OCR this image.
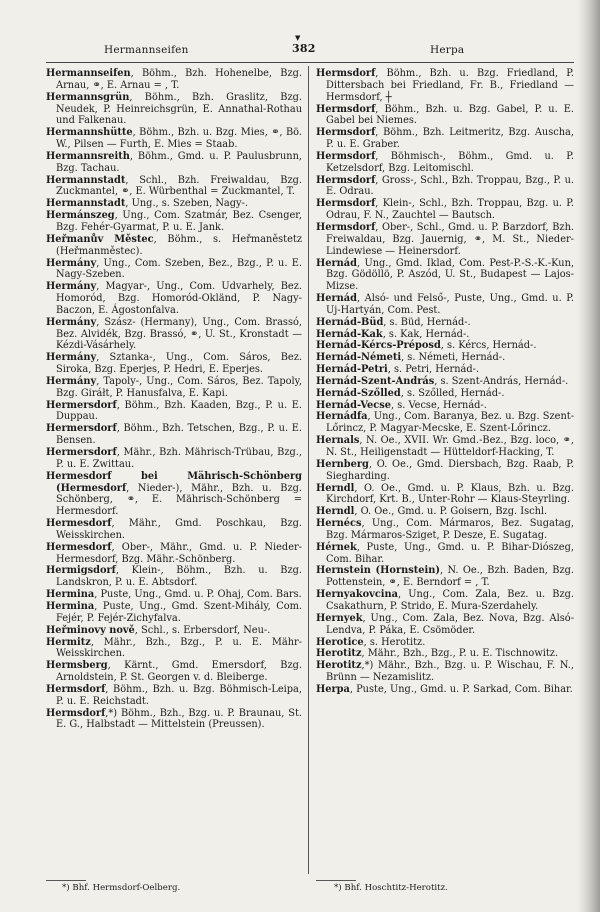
▼
Hermannseifen	382	Herpa
Hermannseifen, Böhm., Bzh. Hohenelbe, Bzg. Arnau, ⚭, E. Arnau = , T.
Hermannsgrün, Böhm., Bzh. Graslitz, Bzg. Neudek, P. Heinreichsgrün, E. Annathal-Rothau und Falkenau.
Hermannshütte, Böhm., Bzh. u. Bzg. Mies, ⚭, Bö. W., Pilsen — Furth, E. Mies = Staab.
Hermannsreith, Böhm., Gmd. u. P. Paulusbrunn, Bzg. Tachau.
Hermannstadt, Schl., Bzh. Freiwaldau, Bzg. Zuckmantel, ⚭, E. Würbenthal = Zuckmantel, T.
Hermannstadt, Ung., s. Szeben, Nagy-.
Hermánszeg, Ung., Com. Szatmár, Bez. Csenger, Bzg. Fehér-Gyarmat, P. u. E. Jank.
Heřmanův Městec, Böhm., s. Heřmaněstetz (Heřmanměstec).
Hermány, Ung., Com. Szeben, Bez., Bzg., P. u. E. Nagy-Szeben.
Hermány, Magyar-, Ung., Com. Udvarhely, Bez. Homoród, Bzg. Homoród-Okländ, P. Nagy-Baczon, E. Ágostonfalva.
Hermány, Szász- (Hermany), Ung., Com. Brassó, Bez. Alvidék, Bzg. Brassó, ⚭, U. St., Kronstadt — Kézdi-Vásárhely.
Hermány, Sztanka-, Ung., Com. Sáros, Bez. Siroka, Bzg. Eperjes, P. Hedri, E. Eperjes.
Hermány, Tapoly-, Ung., Com. Sáros, Bez. Tapoly, Bzg. Giráłt, P. Hanusfalva, E. Kapi.
Hermersdorf, Böhm., Bzh. Kaaden, Bzg., P. u. E. Duppau.
Hermersdorf, Böhm., Bzh. Tetschen, Bzg., P. u. E. Bensen.
Hermersdorf, Mähr., Bzh. Mährisch-Trübau, Bzg., P. u. E. Zwittau.
Hermesdorf bei Mährisch-Schönberg (Hermesdorf, Nieder-), Mähr., Bzh. u. Bzg. Schönberg, ⚭, E. Mährisch-Schönberg = Hermesdorf.
Hermesdorf, Mähr., Gmd. Poschkau, Bzg. Weisskirchen.
Hermesdorf, Ober-, Mähr., Gmd. u. P. Nieder-Hermesdorf, Bzg. Mähr.-Schönberg.
Hermigsdorf, Klein-, Böhm., Bzh. u. Bzg. Landskron, P. u. E. Abtsdorf.
Hermina, Puste, Ung., Gmd. u. P. Ohaj, Com. Bars.
Hermina, Puste, Ung., Gmd. Szent-Mihály, Com. Fejér, P. Fejér-Zichyfalva.
Heřminovy nově, Schl., s. Erbersdorf, Neu-.
Hermitz, Mähr., Bzh., Bzg., P. u. E. Mähr-Weisskirchen.
Hermsberg, Kärnt., Gmd. Emersdorf, Bzg. Arnoldstein, P. St. Georgen v. d. Bleiberge.
Hermsdorf, Böhm., Bzh. u. Bzg. Böhmisch-Leipa, P. u. E. Reichstadt.
Hermsdorf,*) Böhm., Bzh., Bzg. u. P. Braunau, St. E. G., Halbstadt — Mittelstein (Preussen).
Hermsdorf, Böhm., Bzh. u. Bzg. Friedland, P. Dittersbach bei Friedland, Fr. B., Friedland — Hermsdorf, ┼
Hermsdorf, Böhm., Bzh. u. Bzg. Gabel, P. u. E. Gabel bei Niemes.
Hermsdorf, Böhm., Bzh. Leitmeritz, Bzg. Auscha, P. u. E. Graber.
Hermsdorf, Böhmisch-, Böhm., Gmd. u. P. Ketzelsdorf, Bzg. Leitomischl.
Hermsdorf, Gross-, Schl., Bzh. Troppau, Bzg., P. u. E. Odrau.
Hermsdorf, Klein-, Schl., Bzh. Troppau, Bzg. u. P. Odrau, F. N., Zauchtel — Bautsch.
Hermsdorf, Ober-, Schl., Gmd. u. P. Barzdorf, Bzh. Freiwaldau, Bzg. Jauernig, ⚭, M. St., Nieder-Lindewiese — Heinersdorf.
Hernád, Ung., Gmd. Iklad, Com. Pest-P.-S.-K.-Kun, Bzg. Gödöllö, P. Aszód, U. St., Budapest — Lajos-Mizse.
Hernád, Alsó- und Felső-, Puste, Ung., Gmd. u. P. Uj-Hartyán, Com. Pest.
Hernád-Büd, s. Büd, Hernád-.
Hernád-Kak, s. Kak, Hernád-.
Hernád-Kércs-Préposd, s. Kércs, Hernád-.
Hernád-Németi, s. Németi, Hernád-.
Hernád-Petri, s. Petri, Hernád-.
Hernád-Szent-András, s. Szent-András, Hernád-.
Hernád-Szőlled, s. Szőlled, Hernád-.
Hernád-Vecse, s. Vecse, Hernád-.
Hernádfa, Ung., Com. Baranya, Bez. u. Bzg. Szent-Lőrincz, P. Magyar-Mecske, E. Szent-Lőrincz.
Hernals, N. Oe., XVII. Wr. Gmd.-Bez., Bzg. loco, ⚭, N. St., Heiligenstadt — Hütteldorf-Hacking, T.
Hernberg, O. Oe., Gmd. Diersbach, Bzg. Raab, P. Siegharding.
Herndl, O. Oe., Gmd. u. P. Klaus, Bzh. u. Bzg. Kirchdorf, Krt. B., Unter-Rohr — Klaus-Steyrling.
Herndl, O. Oe., Gmd. u. P. Goisern, Bzg. Ischl.
Hernécs, Ung., Com. Mármaros, Bez. Sugatag, Bzg. Mármaros-Sziget, P. Desze, E. Sugatag.
Hérnek, Puste, Ung., Gmd. u. P. Bihar-Diószeg, Com. Bihar.
Hernstein (Hornstein), N. Oe., Bzh. Baden, Bzg. Pottenstein, ⚭, E. Berndorf = , T.
Hernyakovcina, Ung., Com. Zala, Bez. u. Bzg. Csakathurn, P. Strido, E. Mura-Szerdahely.
Hernyek, Ung., Com. Zala, Bez. Nova, Bzg. Alsó-Lendva, P. Páka, E. Csömöder.
Herotice, s. Herotitz.
Herotitz, Mähr., Bzh., Bzg., P. u. E. Tischnowitz.
Herotitz,*) Mähr., Bzh., Bzg. u. P. Wischau, F. N., Brünn — Nezamislitz.
Herpa, Puste, Ung., Gmd. u. P. Sarkad, Com. Bihar.
*) Bhf. Hermsdorf-Oelberg.	*) Bhf. Hoschtitz-Herotitz.
